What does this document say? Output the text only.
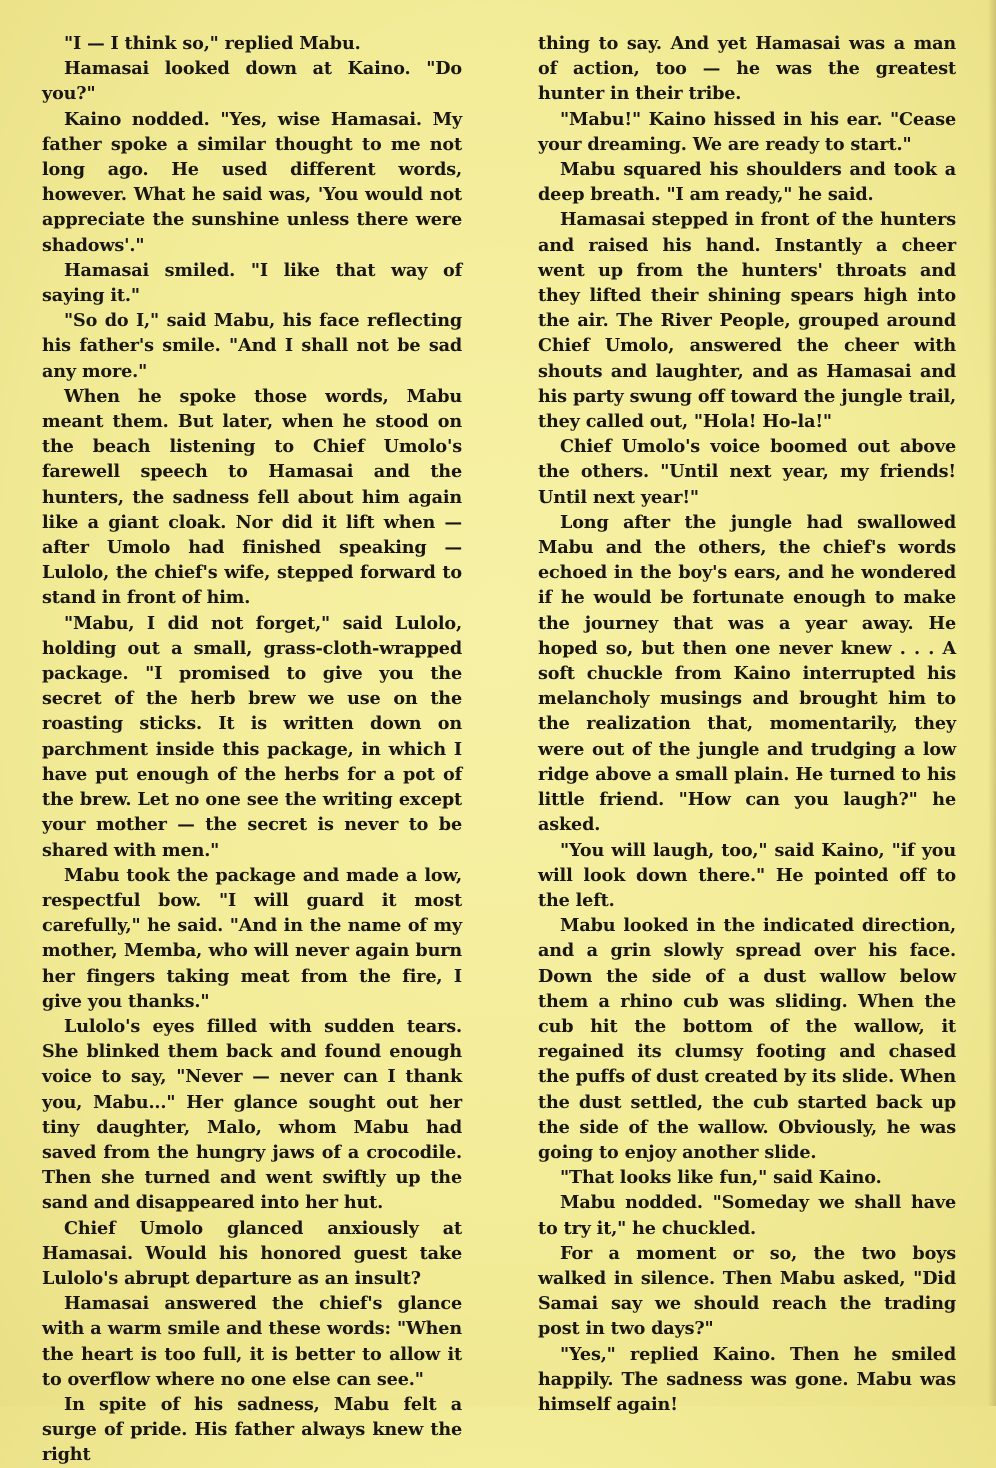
"I — I think so," replied Mabu.

Hamasai looked down at Kaino. "Do you?"

Kaino nodded. "Yes, wise Hamasai. My father spoke a similar thought to me not long ago. He used different words, however. What he said was, 'You would not appreciate the sunshine unless there were shadows'."

Hamasai smiled. "I like that way of saying it."

"So do I," said Mabu, his face reflecting his father's smile. "And I shall not be sad any more."

When he spoke those words, Mabu meant them. But later, when he stood on the beach listening to Chief Umolo's farewell speech to Hamasai and the hunters, the sadness fell about him again like a giant cloak. Nor did it lift when — after Umolo had finished speaking — Lulolo, the chief's wife, stepped forward to stand in front of him.

"Mabu, I did not forget," said Lulolo, holding out a small, grass-cloth-wrapped package. "I promised to give you the secret of the herb brew we use on the roasting sticks. It is written down on parchment inside this package, in which I have put enough of the herbs for a pot of the brew. Let no one see the writing except your mother — the secret is never to be shared with men."

Mabu took the package and made a low, respectful bow. "I will guard it most carefully," he said. "And in the name of my mother, Memba, who will never again burn her fingers taking meat from the fire, I give you thanks."

Lulolo's eyes filled with sudden tears. She blinked them back and found enough voice to say, "Never — never can I thank you, Mabu..." Her glance sought out her tiny daughter, Malo, whom Mabu had saved from the hungry jaws of a crocodile. Then she turned and went swiftly up the sand and disappeared into her hut.

Chief Umolo glanced anxiously at Hamasai. Would his honored guest take Lulolo's abrupt departure as an insult?

Hamasai answered the chief's glance with a warm smile and these words: "When the heart is too full, it is better to allow it to overflow where no one else can see."

In spite of his sadness, Mabu felt a surge of pride. His father always knew the right

thing to say. And yet Hamasai was a man of action, too — he was the greatest hunter in their tribe.

"Mabu!" Kaino hissed in his ear. "Cease your dreaming. We are ready to start."

Mabu squared his shoulders and took a deep breath. "I am ready," he said.

Hamasai stepped in front of the hunters and raised his hand. Instantly a cheer went up from the hunters' throats and they lifted their shining spears high into the air. The River People, grouped around Chief Umolo, answered the cheer with shouts and laughter, and as Hamasai and his party swung off toward the jungle trail, they called out, "Hola! Ho-la!"

Chief Umolo's voice boomed out above the others. "Until next year, my friends! Until next year!"

Long after the jungle had swallowed Mabu and the others, the chief's words echoed in the boy's ears, and he wondered if he would be fortunate enough to make the journey that was a year away. He hoped so, but then one never knew . . . A soft chuckle from Kaino interrupted his melancholy musings and brought him to the realization that, momentarily, they were out of the jungle and trudging a low ridge above a small plain. He turned to his little friend. "How can you laugh?" he asked.

"You will laugh, too," said Kaino, "if you will look down there." He pointed off to the left.

Mabu looked in the indicated direction, and a grin slowly spread over his face. Down the side of a dust wallow below them a rhino cub was sliding. When the cub hit the bottom of the wallow, it regained its clumsy footing and chased the puffs of dust created by its slide. When the dust settled, the cub started back up the side of the wallow. Obviously, he was going to enjoy another slide.

"That looks like fun," said Kaino.

Mabu nodded. "Someday we shall have to try it," he chuckled.

For a moment or so, the two boys walked in silence. Then Mabu asked, "Did Samai say we should reach the trading post in two days?"

"Yes," replied Kaino. Then he smiled happily. The sadness was gone. Mabu was himself again!
